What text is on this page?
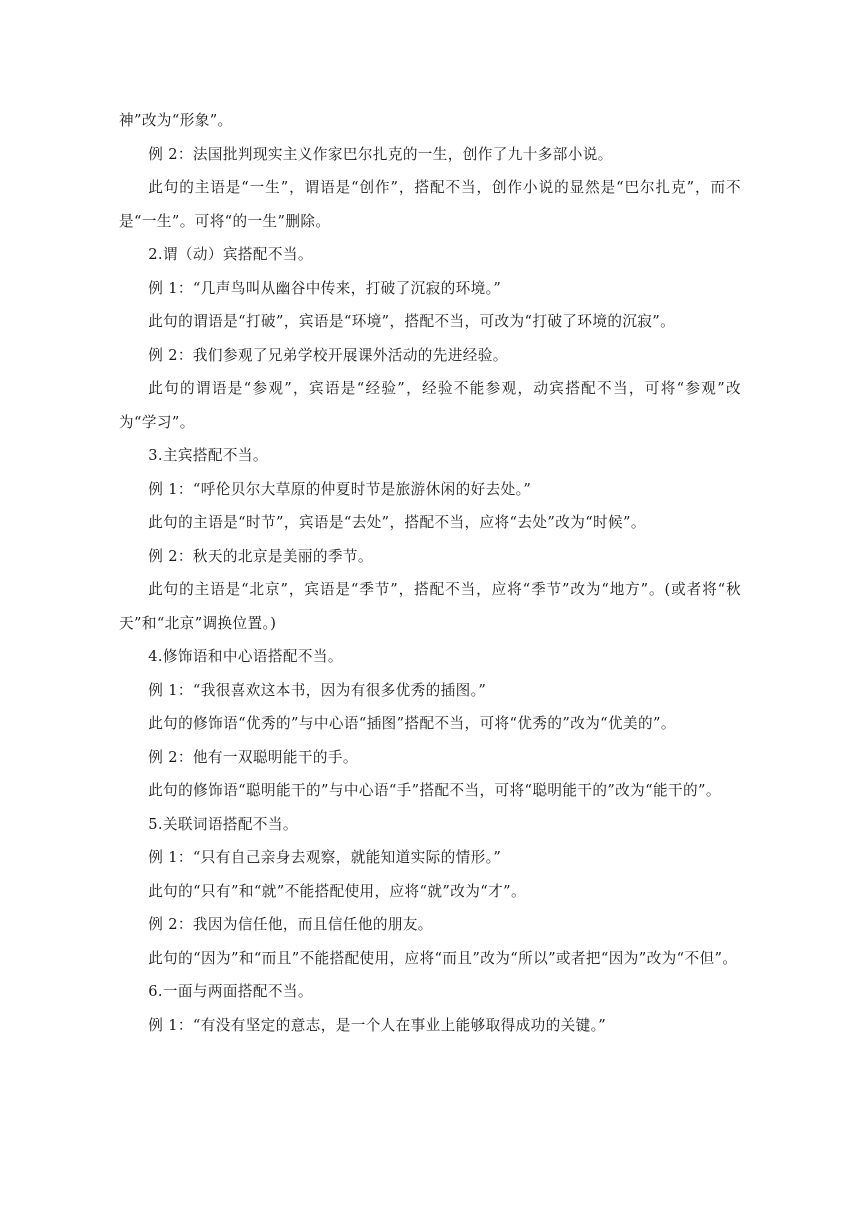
神”改为“形象”。

例 2：法国批判现实主义作家巴尔扎克的一生，创作了九十多部小说。

此句的主语是“一生”，谓语是“创作”，搭配不当，创作小说的显然是“巴尔扎克”，而不是“一生”。可将“的一生”删除。

2.谓（动）宾搭配不当。

例 1：“几声鸟叫从幽谷中传来，打破了沉寂的环境。”

此句的谓语是“打破”，宾语是“环境”，搭配不当，可改为“打破了环境的沉寂”。

例 2：我们参观了兄弟学校开展课外活动的先进经验。

此句的谓语是“参观”，宾语是“经验”，经验不能参观，动宾搭配不当，可将“参观”改为“学习”。

3.主宾搭配不当。

例 1：“呼伦贝尔大草原的仲夏时节是旅游休闲的好去处。”

此句的主语是“时节”，宾语是“去处”，搭配不当，应将“去处”改为“时候”。

例 2：秋天的北京是美丽的季节。

此句的主语是“北京”，宾语是“季节”，搭配不当，应将“季节”改为“地方”。(或者将“秋天”和“北京”调换位置。)

4.修饰语和中心语搭配不当。

例 1：“我很喜欢这本书，因为有很多优秀的插图。”

此句的修饰语“优秀的”与中心语“插图”搭配不当，可将“优秀的”改为“优美的”。

例 2：他有一双聪明能干的手。

此句的修饰语“聪明能干的”与中心语“手”搭配不当，可将“聪明能干的”改为“能干的”。

5.关联词语搭配不当。

例 1：“只有自己亲身去观察，就能知道实际的情形。”

此句的“只有”和“就”不能搭配使用，应将“就”改为“才”。

例 2：我因为信任他，而且信任他的朋友。

此句的“因为”和“而且”不能搭配使用，应将“而且”改为“所以”或者把“因为”改为“不但”。

6.一面与两面搭配不当。

例 1：“有没有坚定的意志，是一个人在事业上能够取得成功的关键。”
